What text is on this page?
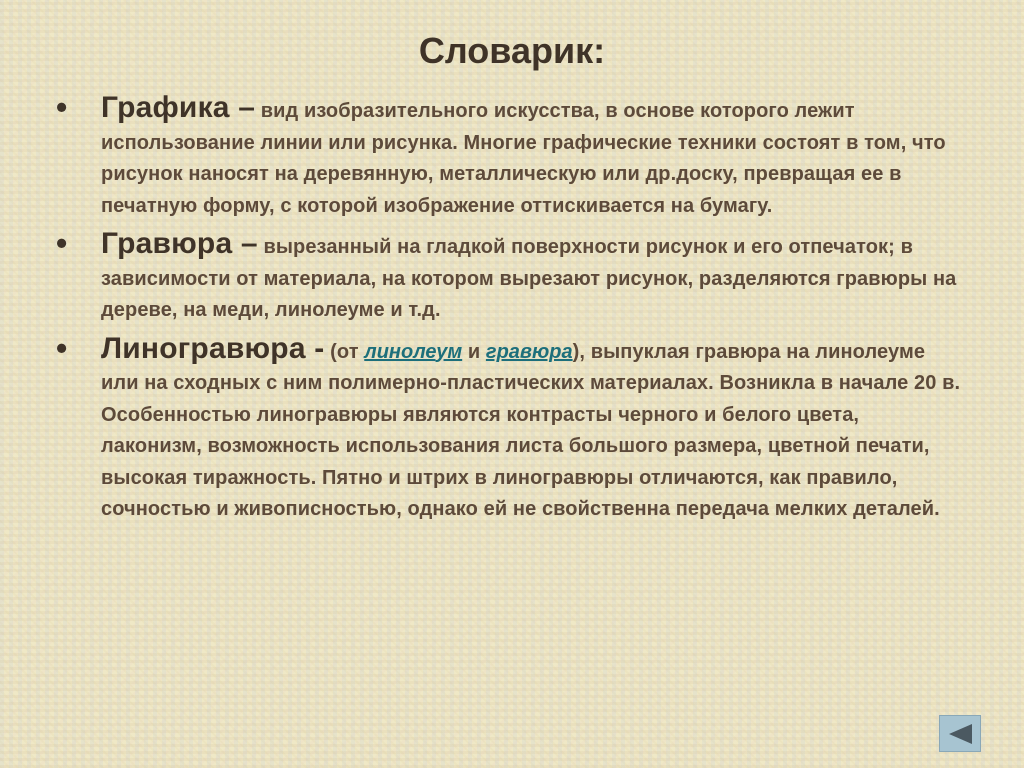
Словарик:
• Графика – вид изобразительного искусства, в основе которого лежит использование линии или рисунка. Многие графические техники состоят в том, что рисунок наносят на деревянную, металлическую или др.доску, превращая ее в печатную форму, с которой изображение оттискивается на бумагу.
• Гравюра – вырезанный на гладкой поверхности рисунок и его отпечаток; в зависимости от материала, на котором вырезают рисунок, разделяются гравюры на дереве, на меди, линолеуме и т.д.
• Линогравюра - (от линолеум и гравюра), выпуклая гравюра на линолеуме или на сходных с ним полимерно-пластических материалах. Возникла в начале 20 в. Особенностью линогравюры являются контрасты черного и белого цвета, лаконизм, возможность использования листа большого размера, цветной печати, высокая тиражность. Пятно и штрих в линогравюры отличаются, как правило, сочностью и живописностью, однако ей не свойственна передача мелких деталей.
